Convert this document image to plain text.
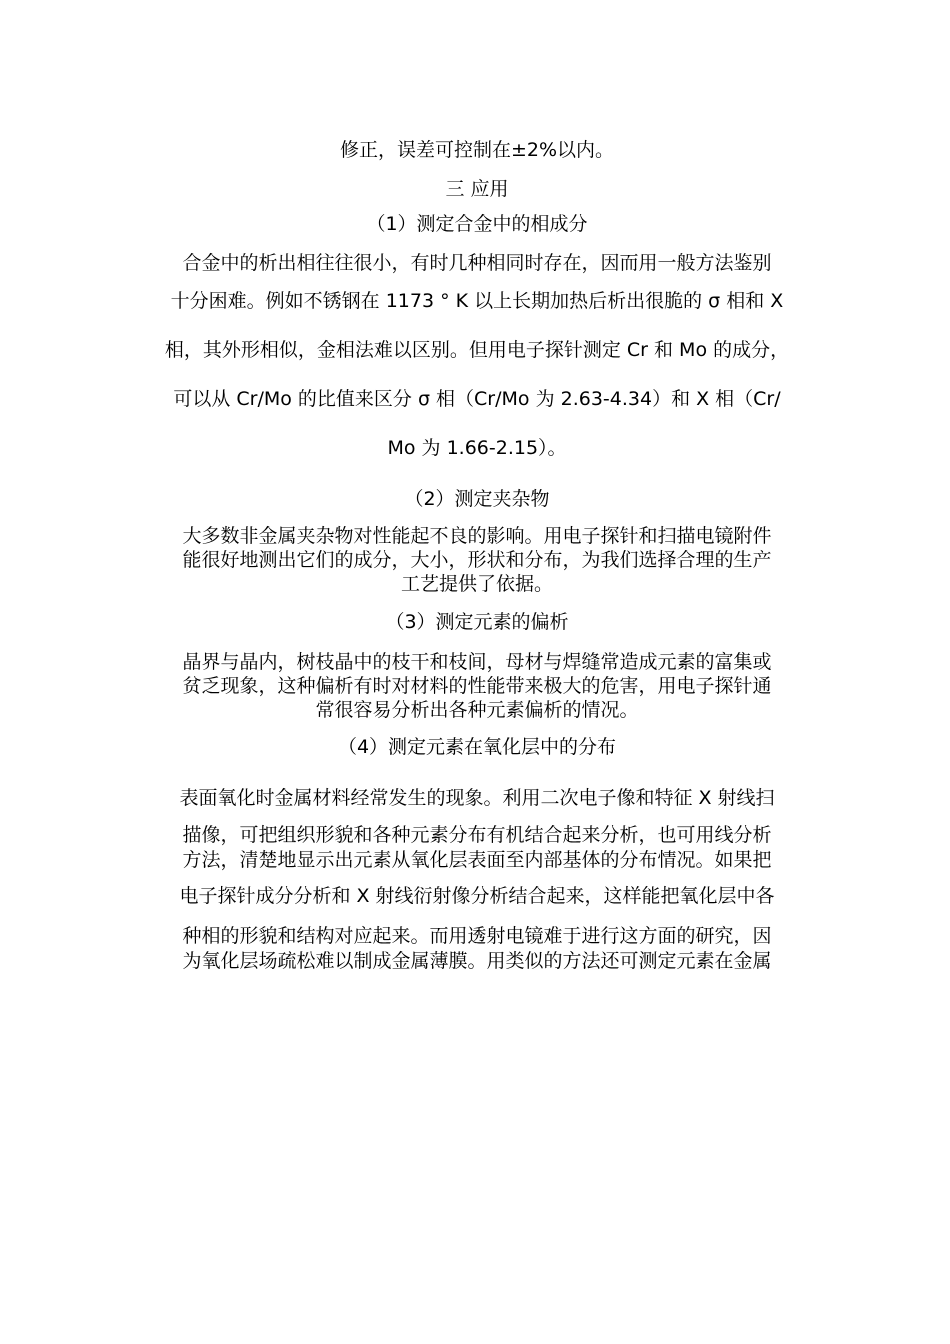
修正，误差可控制在±2%以内。
三 应用
（1）测定合金中的相成分
合金中的析出相往往很小，有时几种相同时存在，因而用一般方法鉴别
十分困难。例如不锈钢在 1173 ° K 以上长期加热后析出很脆的 σ 相和 X
相，其外形相似，金相法难以区别。但用电子探针测定 Cr 和 Mo 的成分，
可以从 Cr/Mo 的比值来区分 σ 相（Cr/Mo 为 2.63-4.34）和 X 相（Cr/
Mo 为 1.66-2.15）。
（2）测定夹杂物
大多数非金属夹杂物对性能起不良的影响。用电子探针和扫描电镜附件
能很好地测出它们的成分，大小，形状和分布，为我们选择合理的生产
工艺提供了依据。
（3）测定元素的偏析
晶界与晶内，树枝晶中的枝干和枝间，母材与焊缝常造成元素的富集或
贫乏现象，这种偏析有时对材料的性能带来极大的危害，用电子探针通
常很容易分析出各种元素偏析的情况。
（4）测定元素在氧化层中的分布
表面氧化时金属材料经常发生的现象。利用二次电子像和特征 X 射线扫
描像，可把组织形貌和各种元素分布有机结合起来分析，也可用线分析
方法，清楚地显示出元素从氧化层表面至内部基体的分布情况。如果把
电子探针成分分析和 X 射线衍射像分析结合起来，这样能把氧化层中各
种相的形貌和结构对应起来。而用透射电镜难于进行这方面的研究，因
为氧化层场疏松难以制成金属薄膜。用类似的方法还可测定元素在金属
